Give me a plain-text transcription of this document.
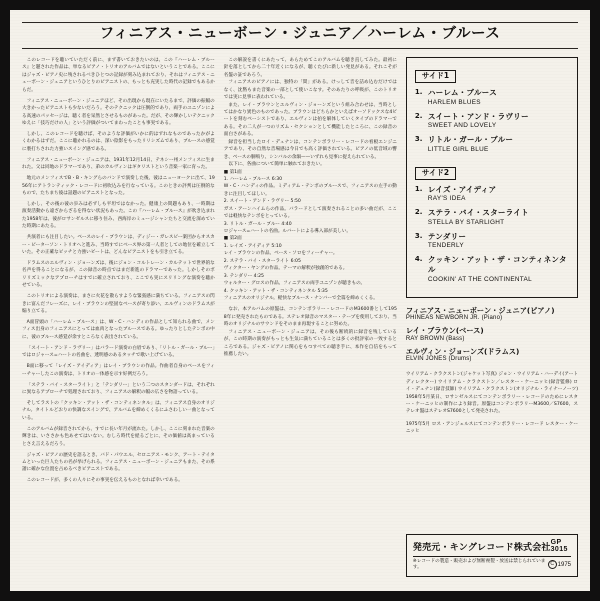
フィニアス・ニューボーン・ジュニア／ハーレム・ブルース

このレコードを聴いていただく前に、まず書いておきたいのは、この『ハーレム・ブルース』と題された作品は、単なるピアノ・トリオのアルバムではないということである。ここにはジャズ・ピアノ史に残されるべきひとつの記録が刻み込まれており、それはフィニアス・ニューボーン・ジュニアというひとりのピアニストの、もっとも充実した時代の記録でもあるからだ。

フィニアス・ニューボーン・ジュニアほど、その出現から現在にいたるまで、評価の振幅の大きかったピアニストも少ないだろう。そのテクニックは圧倒的であり、両手のユニゾンによる高速のパッセージは、聴く者を呆然とさせるものがあった。だが、その輝かしいテクニックゆえに「技巧だけの人」という評価がついてまわったことも事実である。

しかし、このレコードを聴けば、そのような評価がいかに的はずれなものであったかがよくわかるはずだ。ここに聴かれるのは、深い陰影をもったリリシズムであり、ブルースの感覚に裏打ちされた力強いスイング感である。

フィニアス・ニューボーン・ジュニアは、1931年12月14日、テネシー州メンフィスに生まれた。父は同地のドラマーであり、弟のカルヴィンはギタリストという音楽一家に育った。

地元のメンフィスでB・B・キングらのバンドで演奏した後、彼はニューヨークに出て、1956年にアトランティック・レコードに初吹込みを行なっている。このときの評判は圧倒的なもので、たちまち彼は話題のピアニストとなった。

しかし、その後の彼の歩みは必ずしも平坦ではなかった。健康上の問題もあり、一時期は演奏活動から遠ざからざるを得ない状況もあった。この『ハーレム・ブルース』が吹き込まれた1958年は、彼がロサンゼルスに移り住み、西海岸のミュージシャンたちと交流を深めていた時期にあたる。

共演者にも注目したい。ベースのレイ・ブラウンは、ディジー・ガレスピー楽団からオスカー・ピーターソン・トリオへと進み、当時すでにベース界の第一人者としての地位を確立していた。その正確なピッチと力強いビートは、どんなピアニストをも引き立てる。

ドラムスのエルヴィン・ジョーンズは、後にジョン・コルトレーン・カルテットで世界的な名声を得ることになるが、この録音の時点ではまだ新進のドラマーであった。しかしそのポリリズミックなアプローチはすでに確立されており、ここでも実にスリリングな演奏を聴かせている。

このトリオによる演奏は、まさに火花を散らすような緊張感に満ちている。フィニアスの閃きに富んだフレーズに、レイ・ブラウンの堅固なベースが寄り添い、エルヴィンのドラムスが煽り立てる。

A面冒頭の「ハーレム・ブルース」は、W・C・ハンディの作品として知られる曲で、メンフィス出身のフィニアスにとっては血肉となったブルースである。ゆったりとしたテンポの中に、彼のブルース感覚が余すところなく表出されている。

「スイート・アンド・ラヴリー」はバラード演奏の白眉であり、「リトル・ガール・ブルー」ではロジャース=ハートの名曲を、透明感のあるタッチで歌い上げている。

B面に移って「レイズ・アイディア」はレイ・ブラウンの作品。作曲者自身のベースをフィーチャーしたこの演奏は、トリオの一体感を示す好例だろう。

「ステラ・バイ・スターライト」と「テンダリー」という二つのスタンダードは、それぞれに異なるアプローチで処理されており、フィニアスの解釈の幅の広さを物語っている。

そしてラストの「クッキン・アット・ザ・コンティネンタル」は、フィニアス自身のオリジナル。タイトルどおりの快調なスイングで、アルバムを締めくくるにふさわしい一曲となっている。

このアルバムが録音されてから、すでに長い年月が流れた。しかし、ここに刻まれた音楽の輝きは、いささかも色あせてはいない。むしろ時代を経るごとに、その価値は高まっているとさえ言えるだろう。

ジャズ・ピアノの歴史を語るとき、バド・パウエル、セロニアス・モンク、アート・テイタムといった巨人たちの名が挙げられる。フィニアス・ニューボーン・ジュニアもまた、その系譜に確かな位置を占めるべきピアニストである。

このレコードが、多くの人々にその事実を伝えるものとなれば幸いである。

この解説を書くにあたって、あらためてこのアルバムを聴き直してみた。最初に針を落としてから二十年近くになるが、聴くたびに新しい発見がある。それこそが名盤の証であろう。

フィニアスのピアノには、独特の「間」がある。けっして音を詰め込むだけではなく、沈黙もまた音楽の一部として使いこなす。そのあたりの呼吸が、このトリオでは実に見事に表われている。

また、レイ・ブラウンとエルヴィン・ジョーンズという組み合わせは、当時としてはかなり異色のものであった。ブラウンはどちらかといえばオーソドックスな4ビートを刻むベーシストであり、エルヴィンは拍を解体していくタイプのドラマーである。その二人が一つのリズム・セクションとして機能したところに、この録音の面白さがある。

録音を担当したロイ・デュナンは、コンテンポラリー・レコードの看板エンジニアであり、その自然な音場感は今日でも高く評価されている。ピアノの低音域の響き、ベースの胴鳴り、シンバルの余韻——いずれも見事に捉えられている。

以下に、各曲について簡単に触れておきたい。

■ 第1面

1. ハーレム・ブルース 6:30

W・C・ハンディの作品。ミディアム・テンポのブルースで、フィニアスの左手の動きに注目してほしい。

2. スイート・アンド・ラヴリー 5:50

ガス・アーンハイムらの作品。バラードとして演奏されることの多い曲だが、ここでは軽快なテンポをとっている。

3. リトル・ガール・ブルー 4:40

ロジャース=ハートの名曲。ルバートによる導入部が美しい。

■ 第2面

1. レイズ・アイディア 5:10

レイ・ブラウンの作品。ベース・ソロをフィーチャー。

2. ステラ・バイ・スターライト 6:05

ヴィクター・ヤングの作品。テーマの解釈が独創的である。

3. テンダリー 4:25

ウォルター・グロスの作品。フィニアスの両手ユニゾンが聴きもの。

4. クッキン・アット・ザ・コンティネンタル 5:35

フィニアスのオリジナル。軽快なブルース・ナンバーで全篇を締めくくる。

なお、本アルバムの原盤は、コンテンポラリー・レコードのM3600番として1958年に発売されたものである。ステレオ録音のマスター・テープを使用しており、当時のオリジナルのサウンドをそのまま再現することに努めた。

フィニアス・ニューボーン・ジュニアは、その後も断続的に録音を残しているが、この時期の演奏がもっとも生気に満ちていることは多くの批評家の一致するところである。ジャズ・ピアノに関心をもつすべての聴き手に、本作を自信をもって推薦したい。

サイド1
1. ハーレム・ブルース
HARLEM BLUES
2. スイート・アンド・ラヴリー
SWEET AND LOVELY
3. リトル・ガール・ブルー
LITTLE GIRL BLUE
サイド2
1. レイズ・アイディア
RAY'S IDEA
2. ステラ・バイ・スターライト
STELLA BY STARLIGHT
3. テンダリー
TENDERLY
4. クッキン・アット・ザ・コンティネンタル
COOKIN' AT THE CONTINENTAL
フィニアス・ニューボーン・ジュニア(ピアノ)
PHINEAS NEWBORN JR. (Piano)
レイ・ブラウン(ベース)
RAY BROWN (Bass)
エルヴィン・ジョーンズ(ドラムス)
ELVIN JONES (Drums)
ウイリアム・クラクストン(ジャケット写真) ジョン・ウイリアム・ハーデイ(アートディレクター) ウイリアム・クラクストン／レスター・ケーニッヒ(録音監修) ロイ・デュナン(録音技師) ウイリアム・クラクストン(オリジナル・ライナーノーツ) 1958年5月某日、ロサンゼルスにてコンテンポラリー・レコードのためにレスター・ケーニッヒの制作により録音。原盤はコンテンポラリーM3600／S7600、ステレオ盤はステレオS7600として発売された。
1975年5月 ロス・アンジェルスにてコンテンポラリー・レコード レスター・ケーニッヒ
発売元・キングレコード株式会社 GP 3015
※レコードの製造・販売および無断複製・放送は禁じられています。	C 1975
